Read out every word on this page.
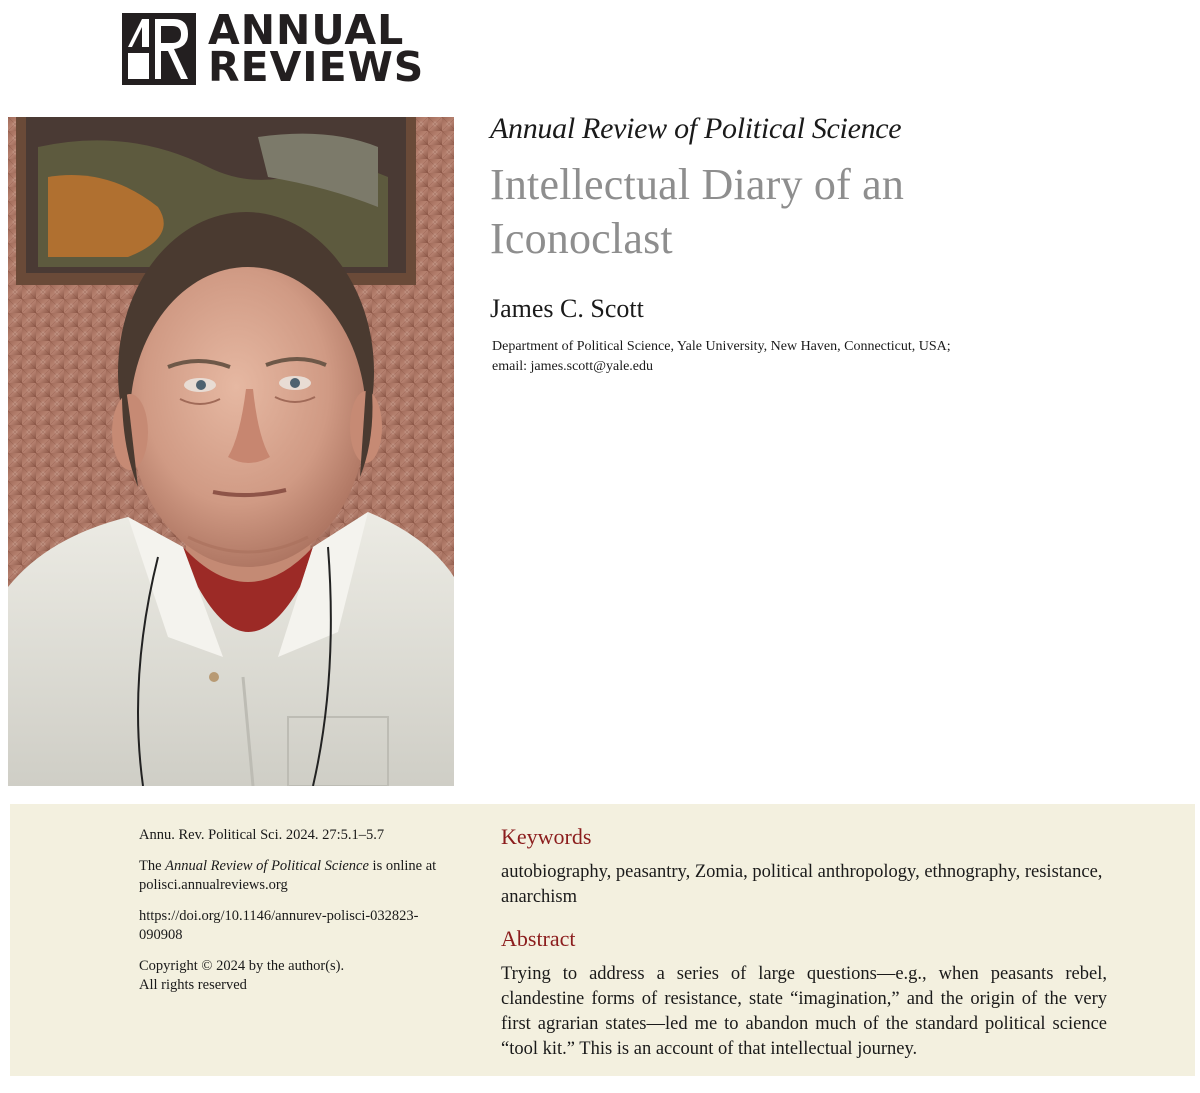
ANNUAL
REVIEWS
Annual Review of Political Science
Intellectual Diary of an Iconoclast
James C. Scott
Department of Political Science, Yale University, New Haven, Connecticut, USA;
email: james.scott@yale.edu

Annu. Rev. Political Sci. 2024. 27:5.1–5.7

The Annual Review of Political Science is online at
polisci.annualreviews.org

https://doi.org/10.1146/annurev-polisci-032823-090908

Copyright © 2024 by the author(s).
All rights reserved

Keywords
autobiography, peasantry, Zomia, political anthropology, ethnography, resistance, anarchism
Abstract
Trying to address a series of large questions—e.g., when peasants rebel, clandestine forms of resistance, state “imagination,” and the origin of the very first agrarian states—led me to abandon much of the standard political science “tool kit.” This is an account of that intellectual journey.
